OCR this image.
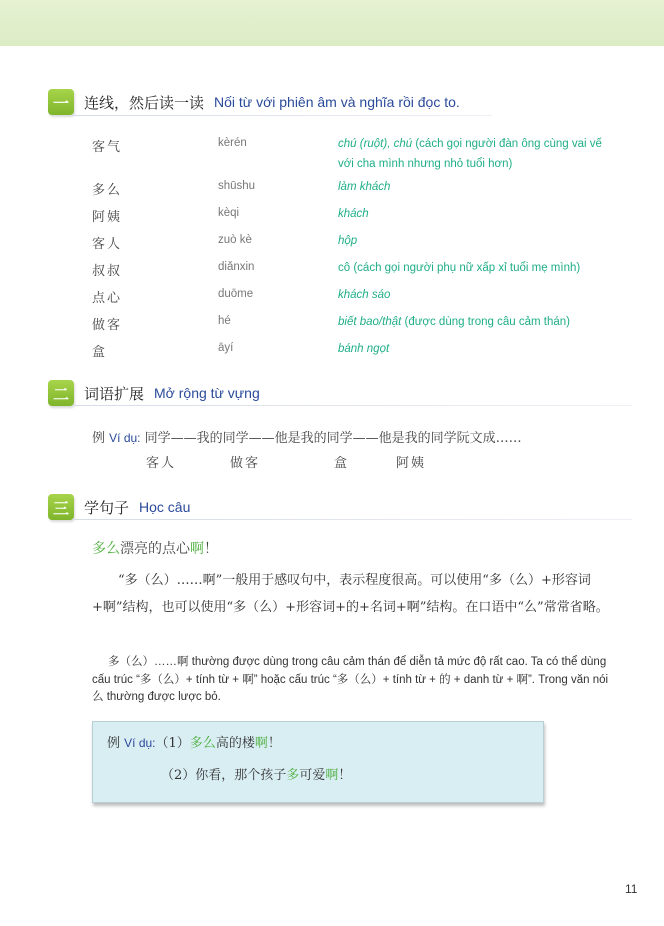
一	连线，然后读一读 Nối từ với phiên âm và nghĩa rồi đọc to.
客气	kèrén	chú (ruột), chú (cách gọi người đàn ông cùng vai vế với cha mình nhưng nhỏ tuổi hơn)
多么	shūshu	làm khách
阿姨	kèqi	khách
客人	zuò kè	hộp
叔叔	diǎnxin	cô (cách gọi người phụ nữ xấp xỉ tuổi mẹ mình)
点心	duōme	khách sáo
做客	hé	biết bao/thật (được dùng trong câu cảm thán)
盒	āyí	bánh ngọt
二	词语扩展 Mở rộng từ vựng
例 Ví dụ: 同学——我的同学——他是我的同学——他是我的同学阮文成……
客人	做客	盒	阿姨
三	学句子 Học câu
多么漂亮的点心啊！
“多（么）……啊”一般用于感叹句中，表示程度很高。可以使用“多（么）+形容词+啊”结构，也可以使用“多（么）+形容词+的+名词+啊”结构。在口语中“么”常常省略。
多（么）……啊 thường được dùng trong câu cảm thán để diễn tả mức độ rất cao. Ta có thể dùng cấu trúc “多（么）+ tính từ + 啊” hoặc cấu trúc “多（么）+ tính từ + 的 + danh từ + 啊”. Trong văn nói 么 thường được lược bỏ.
例 Ví dụ:（1）多么高的楼啊！
（2）你看，那个孩子多可爱啊！
11
